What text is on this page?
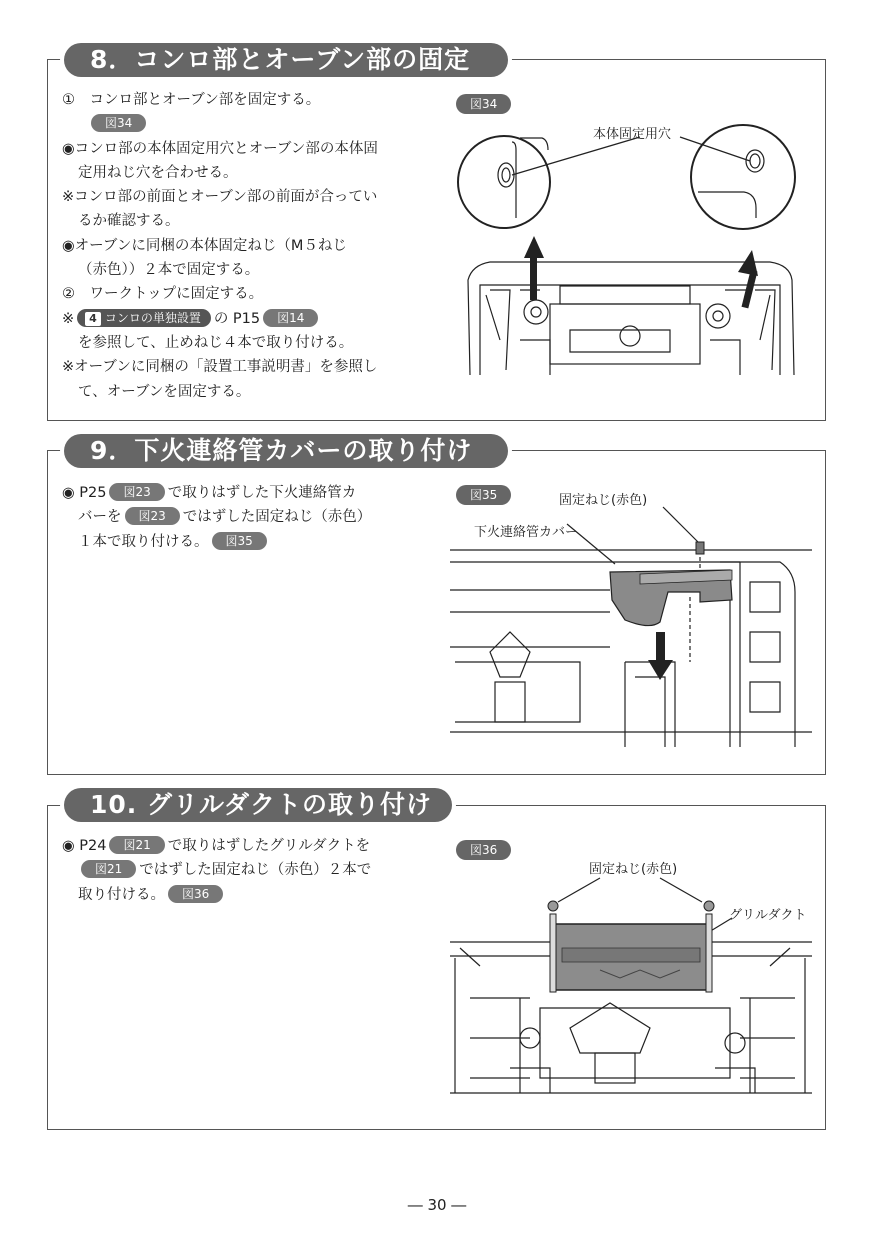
8．コンロ部とオーブン部の固定

①　コンロ部とオーブン部を固定する。

図34

◉コンロ部の本体固定用穴とオーブン部の本体固

定用ねじ穴を合わせる。

※コンロ部の前面とオーブン部の前面が合ってい

るか確認する。

◉オーブンに同梱の本体固定ねじ（M５ねじ

（赤色））２本で固定する。

②　ワークトップに固定する。

※ 4 コンロの単独設置 の P15 図14

を参照して、止めねじ４本で取り付ける。

※オーブンに同梱の「設置工事説明書」を参照し

て、オーブンを固定する。

図34
本体固定用穴
9．下火連絡管カバーの取り付け

◉ P25 図23 で取りはずした下火連絡管カ

バーを 図23 ではずした固定ねじ（赤色）

１本で取り付ける。 図35

図35	固定ねじ(赤色)
下火連絡管カバー
10. グリルダクトの取り付け

◉ P24 図21 で取りはずしたグリルダクトを

図21 ではずした固定ねじ（赤色）２本で

取り付ける。 図36

図36
固定ねじ(赤色)
グリルダクト
― 30 ―
